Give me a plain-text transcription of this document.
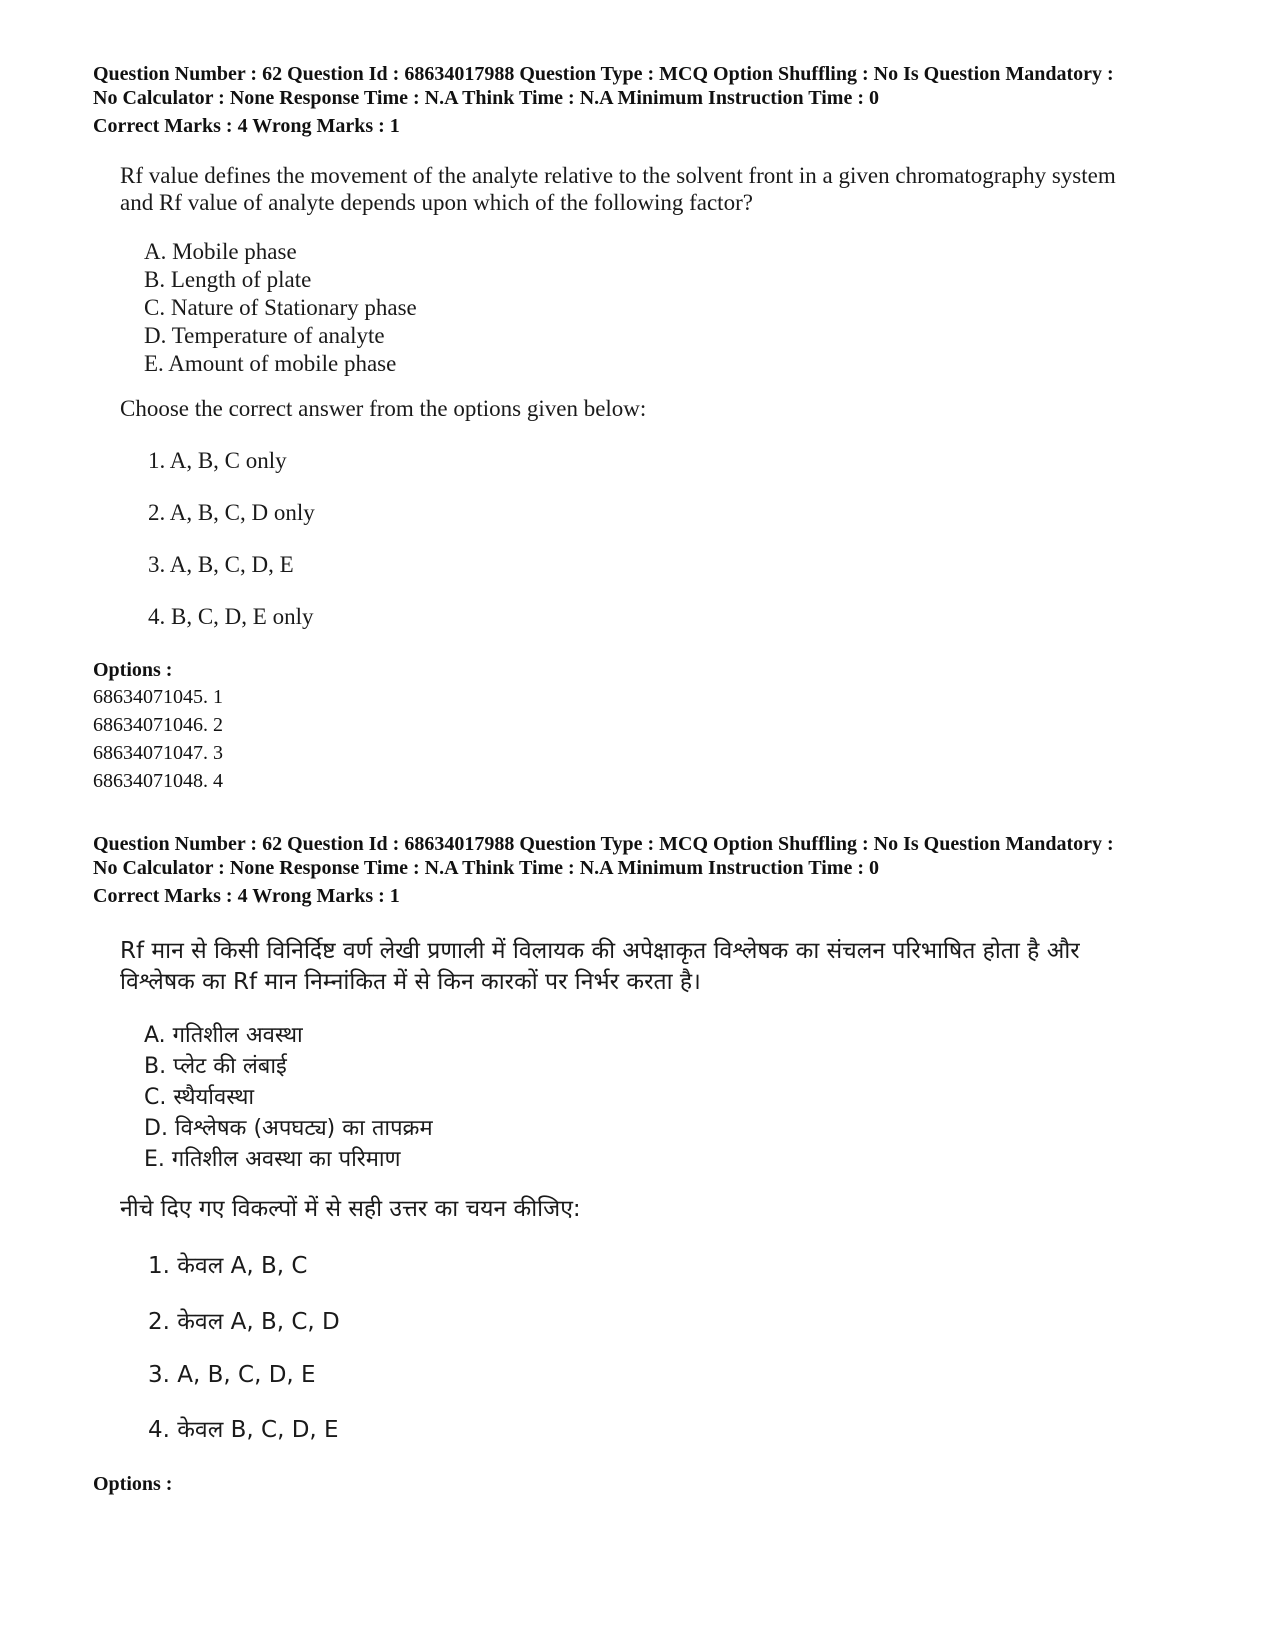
Question Number : 62 Question Id : 68634017988 Question Type : MCQ Option Shuffling : No Is Question Mandatory :

No Calculator : None Response Time : N.A Think Time : N.A Minimum Instruction Time : 0

Correct Marks : 4 Wrong Marks : 1

Rf value defines the movement of the analyte relative to the solvent front in a given chromatography system

and Rf value of analyte depends upon which of the following factor?

A. Mobile phase
B. Length of plate
C. Nature of Stationary phase
D. Temperature of analyte
E. Amount of mobile phase

Choose the correct answer from the options given below:

1. A, B, C only

2. A, B, C, D only

3. A, B, C, D, E

4. B, C, D, E only

Options :

68634071045. 1

68634071046. 2

68634071047. 3

68634071048. 4

Question Number : 62 Question Id : 68634017988 Question Type : MCQ Option Shuffling : No Is Question Mandatory :

No Calculator : None Response Time : N.A Think Time : N.A Minimum Instruction Time : 0

Correct Marks : 4 Wrong Marks : 1

Rf मान से किसी विनिर्दिष्ट वर्ण लेखी प्रणाली में विलायक की अपेक्षाकृत विश्लेषक का संचलन परिभाषित होता है और

विश्लेषक का Rf मान निम्नांकित में से किन कारकों पर निर्भर करता है।

A. गतिशील अवस्था
B. प्लेट की लंबाई
C. स्थैर्यावस्था
D. विश्लेषक (अपघट्य) का तापक्रम
E. गतिशील अवस्था का परिमाण

नीचे दिए गए विकल्पों में से सही उत्तर का चयन कीजिए:

1. केवल A, B, C

2. केवल A, B, C, D

3. A, B, C, D, E

4. केवल B, C, D, E

Options :
